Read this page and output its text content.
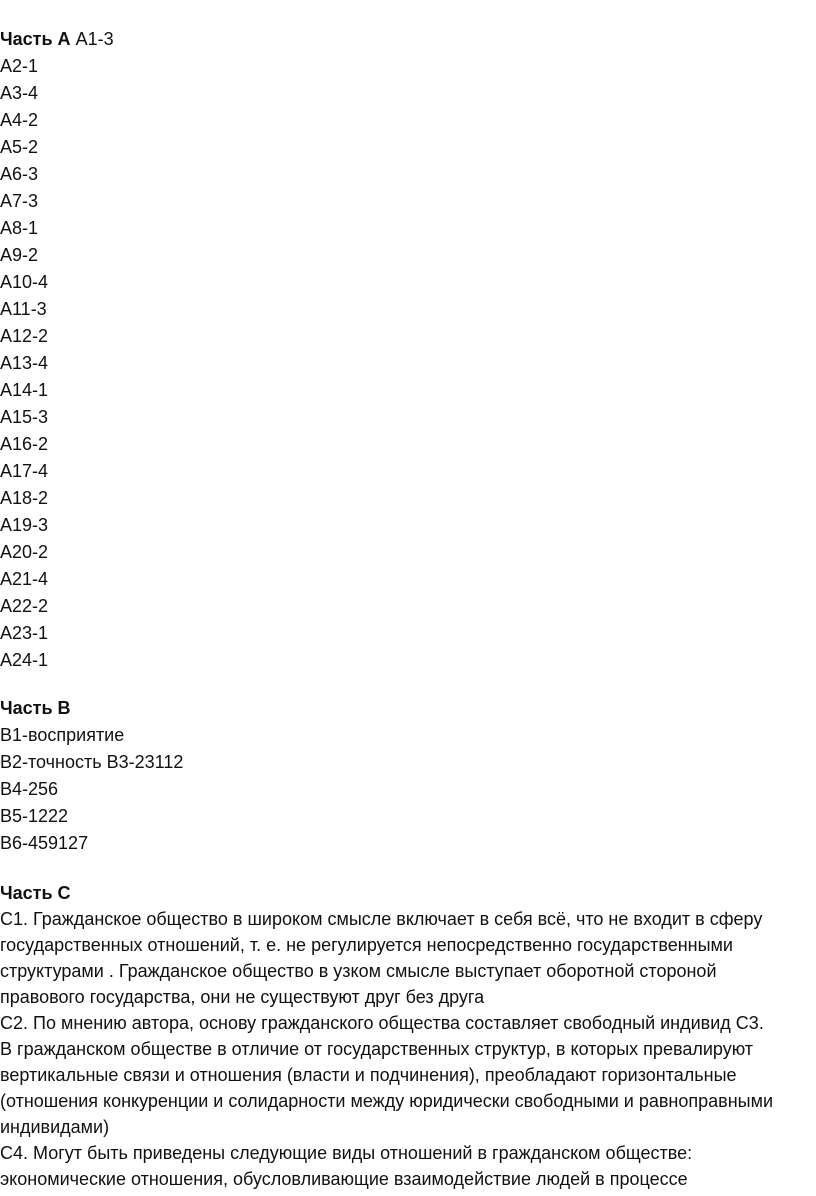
Часть А А1-3
А2-1
А3-4
А4-2
А5-2
А6-3
А7-3
А8-1
А9-2
А10-4
А11-3
А12-2
А13-4
А14-1
А15-3
А16-2
А17-4
А18-2
А19-3
А20-2
А21-4
А22-2
А23-1
А24-1
Часть В
В1-восприятие
В2-точность В3-23112
В4-256
В5-1222
В6-459127
Часть С
С1. Гражданское общество в широком смысле включает в себя всё, что не входит в сферу
государственных отношений, т. е. не регулируется непосредственно государственными
структурами . Гражданское общество в узком смысле выступает оборотной стороной
правового государства, они не существуют друг без друга
С2. По мнению автора, основу гражданского общества составляет свободный индивид С3.
В гражданском обществе в отличие от государственных структур, в которых превалируют
вертикальные связи и отношения (власти и подчинения), преобладают горизонтальные
(отношения конкуренции и солидарности между юридически свободными и равноправными
индивидами)
С4. Могут быть приведены следующие виды отношений в гражданском обществе:
экономические отношения, обусловливающие взаимодействие людей в процессе
